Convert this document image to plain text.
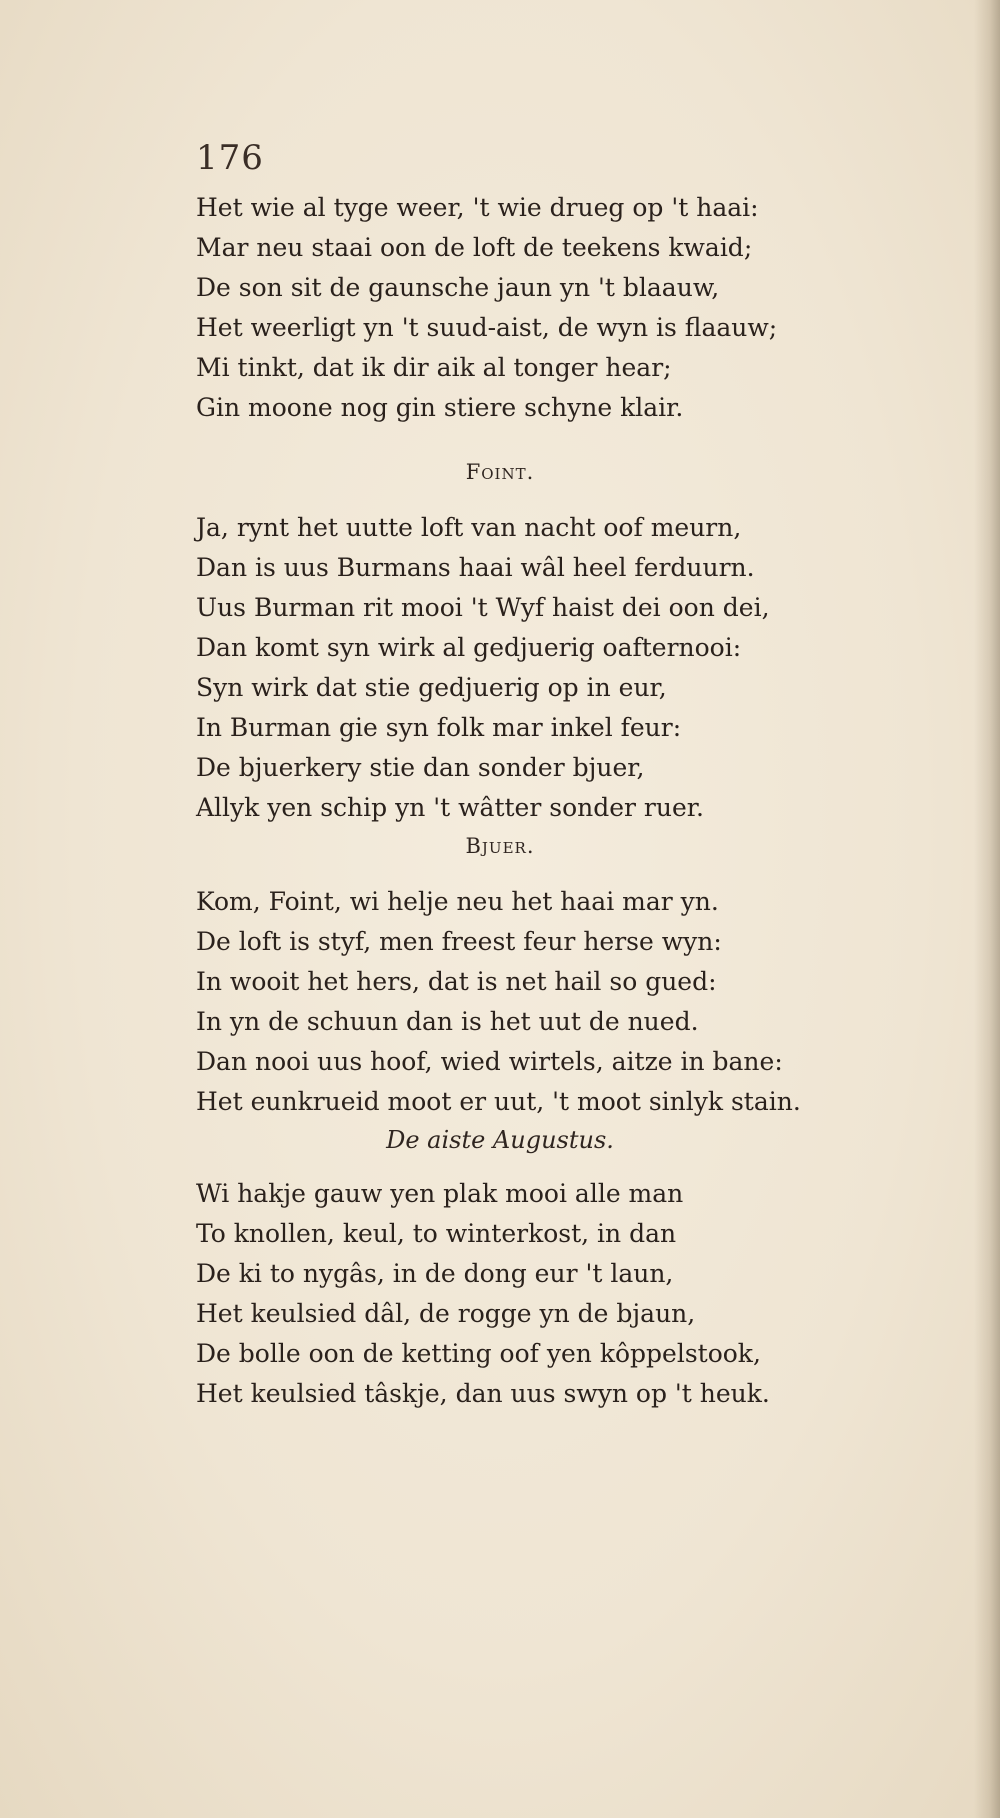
176
Het wie al tyge weer, 't wie drueg op 't haai:
Mar neu staai oon de loft de teekens kwaid;
De son sit de gaunsche jaun yn 't blaauw,
Het weerligt yn 't suud-aist, de wyn is flaauw;
Mi tinkt, dat ik dir aik al tonger hear;
Gin moone nog gin stiere schyne klair.
Foint.
Ja, rynt het uutte loft van nacht oof meurn,
Dan is uus Burmans haai wâl heel ferduurn.
Uus Burman rit mooi 't Wyf haist dei oon dei,
Dan komt syn wirk al gedjuerig oafternooi:
Syn wirk dat stie gedjuerig op in eur,
In Burman gie syn folk mar inkel feur:
De bjuerkery stie dan sonder bjuer,
Allyk yen schip yn 't wâtter sonder ruer.
Bjuer.
Kom, Foint, wi helje neu het haai mar yn.
De loft is styf, men freest feur herse wyn:
In wooit het hers, dat is net hail so gued:
In yn de schuun dan is het uut de nued.
Dan nooi uus hoof, wied wirtels, aitze in bane:
Het eunkrueid moot er uut, 't moot sinlyk stain.
De aiste Augustus.
Wi hakje gauw yen plak mooi alle man
To knollen, keul, to winterkost, in dan
De ki to nygâs, in de dong eur 't laun,
Het keulsied dâl, de rogge yn de bjaun,
De bolle oon de ketting oof yen kôppelstook,
Het keulsied tâskje, dan uus swyn op 't heuk.
